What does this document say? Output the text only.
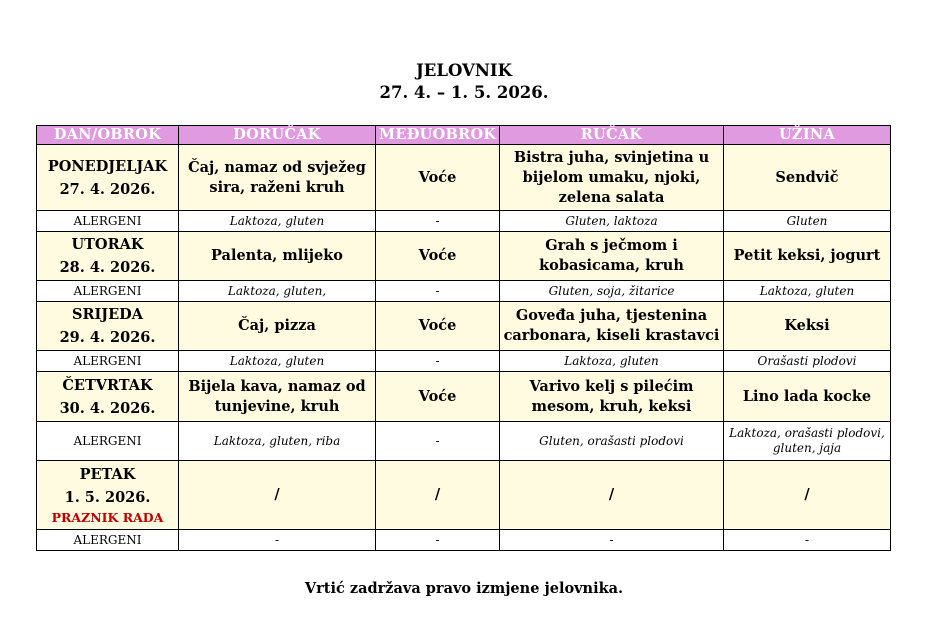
JELOVNIK
27. 4. – 1. 5. 2026.
DAN/OBROK	DORUČAK	MEĐUOBROK	RUČAK	UŽINA

PONEDJELJAK
27. 4. 2026.	Čaj, namaz od svježeg sira, raženi kruh	Voće	Bistra juha, svinjetina u bijelom umaku, njoki, zelena salata	Sendvič
ALERGENI	Laktoza, gluten	-	Gluten, laktoza	Gluten

UTORAK
28. 4. 2026.	Palenta, mlijeko	Voće	Grah s ječmom i kobasicama, kruh	Petit keksi, jogurt
ALERGENI	Laktoza, gluten,	-	Gluten, soja, žitarice	Laktoza, gluten

SRIJEDA
29. 4. 2026.	Čaj, pizza	Voće	Goveđa juha, tjestenina carbonara, kiseli krastavci	Keksi
ALERGENI	Laktoza, gluten	-	Laktoza, gluten	Orašasti plodovi

ČETVRTAK
30. 4. 2026.	Bijela kava, namaz od tunjevine, kruh	Voće	Varivo kelj s pilećim mesom, kruh, keksi	Lino lada kocke
ALERGENI	Laktoza, gluten, riba	-	Gluten, orašasti plodovi	Laktoza, orašasti plodovi, gluten, jaja

PETAK
1. 5. 2026.
PRAZNIK RADA	/	/	/	/
ALERGENI	-	-	-	-
Vrtić zadržava pravo izmjene jelovnika.
